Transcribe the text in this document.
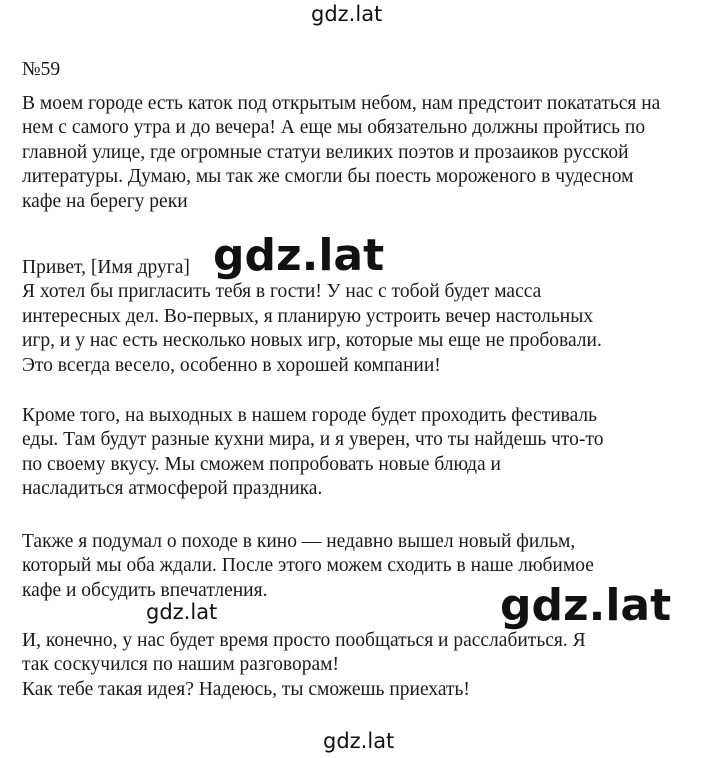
gdz.lat
№59
В моем городе есть каток под открытым небом, нам предстоит покататься на
нем с самого утра и до вечера! А еще мы обязательно должны пройтись по
главной улице, где огромные статуи великих поэтов и прозаиков русской
литературы. Думаю, мы так же смогли бы поесть мороженого в чудесном
кафе на берегу реки
Привет, [Имя друга]
Я хотел бы пригласить тебя в гости! У нас с тобой будет масса
интересных дел. Во-первых, я планирую устроить вечер настольных
игр, и у нас есть несколько новых игр, которые мы еще не пробовали.
Это всегда весело, особенно в хорошей компании!
Кроме того, на выходных в нашем городе будет проходить фестиваль
еды. Там будут разные кухни мира, и я уверен, что ты найдешь что-то
по своему вкусу. Мы сможем попробовать новые блюда и
насладиться атмосферой праздника.
Также я подумал о походе в кино — недавно вышел новый фильм,
который мы оба ждали. После этого можем сходить в наше любимое
кафе и обсудить впечатления.
И, конечно, у нас будет время просто пообщаться и расслабиться. Я
так соскучился по нашим разговорам!
Как тебе такая идея? Надеюсь, ты сможешь приехать!
gdz.lat
gdz.lat	gdz.lat
gdz.lat
